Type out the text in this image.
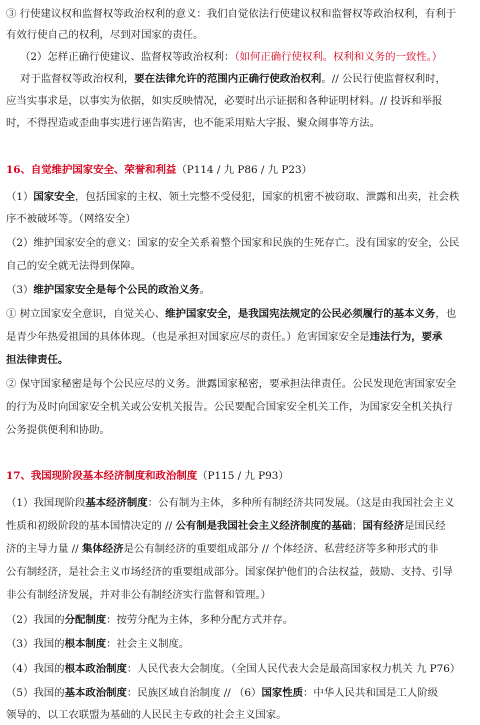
③ 行使建议权和监督权等政治权利的意义：我们自觉依法行使建议权和监督权等政治权利，有利于
有效行使自己的权利，尽到对国家的责任。
（2）怎样正确行使建议、监督权等政治权利：（如何正确行使权利。权利和义务的一致性。）
对于监督权等政治权利，要在法律允许的范围内正确行使政治权利。// 公民行使监督权利时，
应当实事求是，以事实为依据，如实反映情况，必要时出示证据和各种证明材料。// 投诉和举报
时，不得捏造或歪曲事实进行诬告陷害，也不能采用贴大字报、聚众闹事等方法。
16、自觉维护国家安全、荣誉和利益（P114 / 九 P86 / 九 P23）
（1）国家安全，包括国家的主权、领土完整不受侵犯，国家的机密不被窃取、泄露和出卖，社会秩
序不被破坏等。（网络安全）
（2）维护国家安全的意义：国家的安全关系着整个国家和民族的生死存亡。没有国家的安全，公民
自己的安全就无法得到保障。
（3）维护国家安全是每个公民的政治义务。
① 树立国家安全意识，自觉关心、维护国家安全，是我国宪法规定的公民必须履行的基本义务，也
是青少年热爱祖国的具体体现。（也是承担对国家应尽的责任。）危害国家安全是违法行为，要承
担法律责任。
② 保守国家秘密是每个公民应尽的义务。泄露国家秘密，要承担法律责任。公民发现危害国家安全
的行为及时向国家安全机关或公安机关报告。公民要配合国家安全机关工作，为国家安全机关执行
公务提供便利和协助。
17、我国现阶段基本经济制度和政治制度（P115 / 九 P93）
（1）我国现阶段基本经济制度：公有制为主体，多种所有制经济共同发展。（这是由我国社会主义
性质和初级阶段的基本国情决定的 // 公有制是我国社会主义经济制度的基础；国有经济是国民经
济的主导力量 // 集体经济是公有制经济的重要组成部分 // 个体经济、私营经济等多种形式的非
公有制经济，是社会主义市场经济的重要组成部分。国家保护他们的合法权益，鼓励、支持、引导
非公有制经济发展，并对非公有制经济实行监督和管理。）
（2）我国的分配制度：按劳分配为主体，多种分配方式并存。
（3）我国的根本制度：社会主义制度。
（4）我国的根本政治制度：人民代表大会制度。（全国人民代表大会是最高国家权力机关 九 P76）
（5）我国的基本政治制度：民族区域自治制度 // （6）国家性质：中华人民共和国是工人阶级
领导的、以工农联盟为基础的人民民主专政的社会主义国家。
